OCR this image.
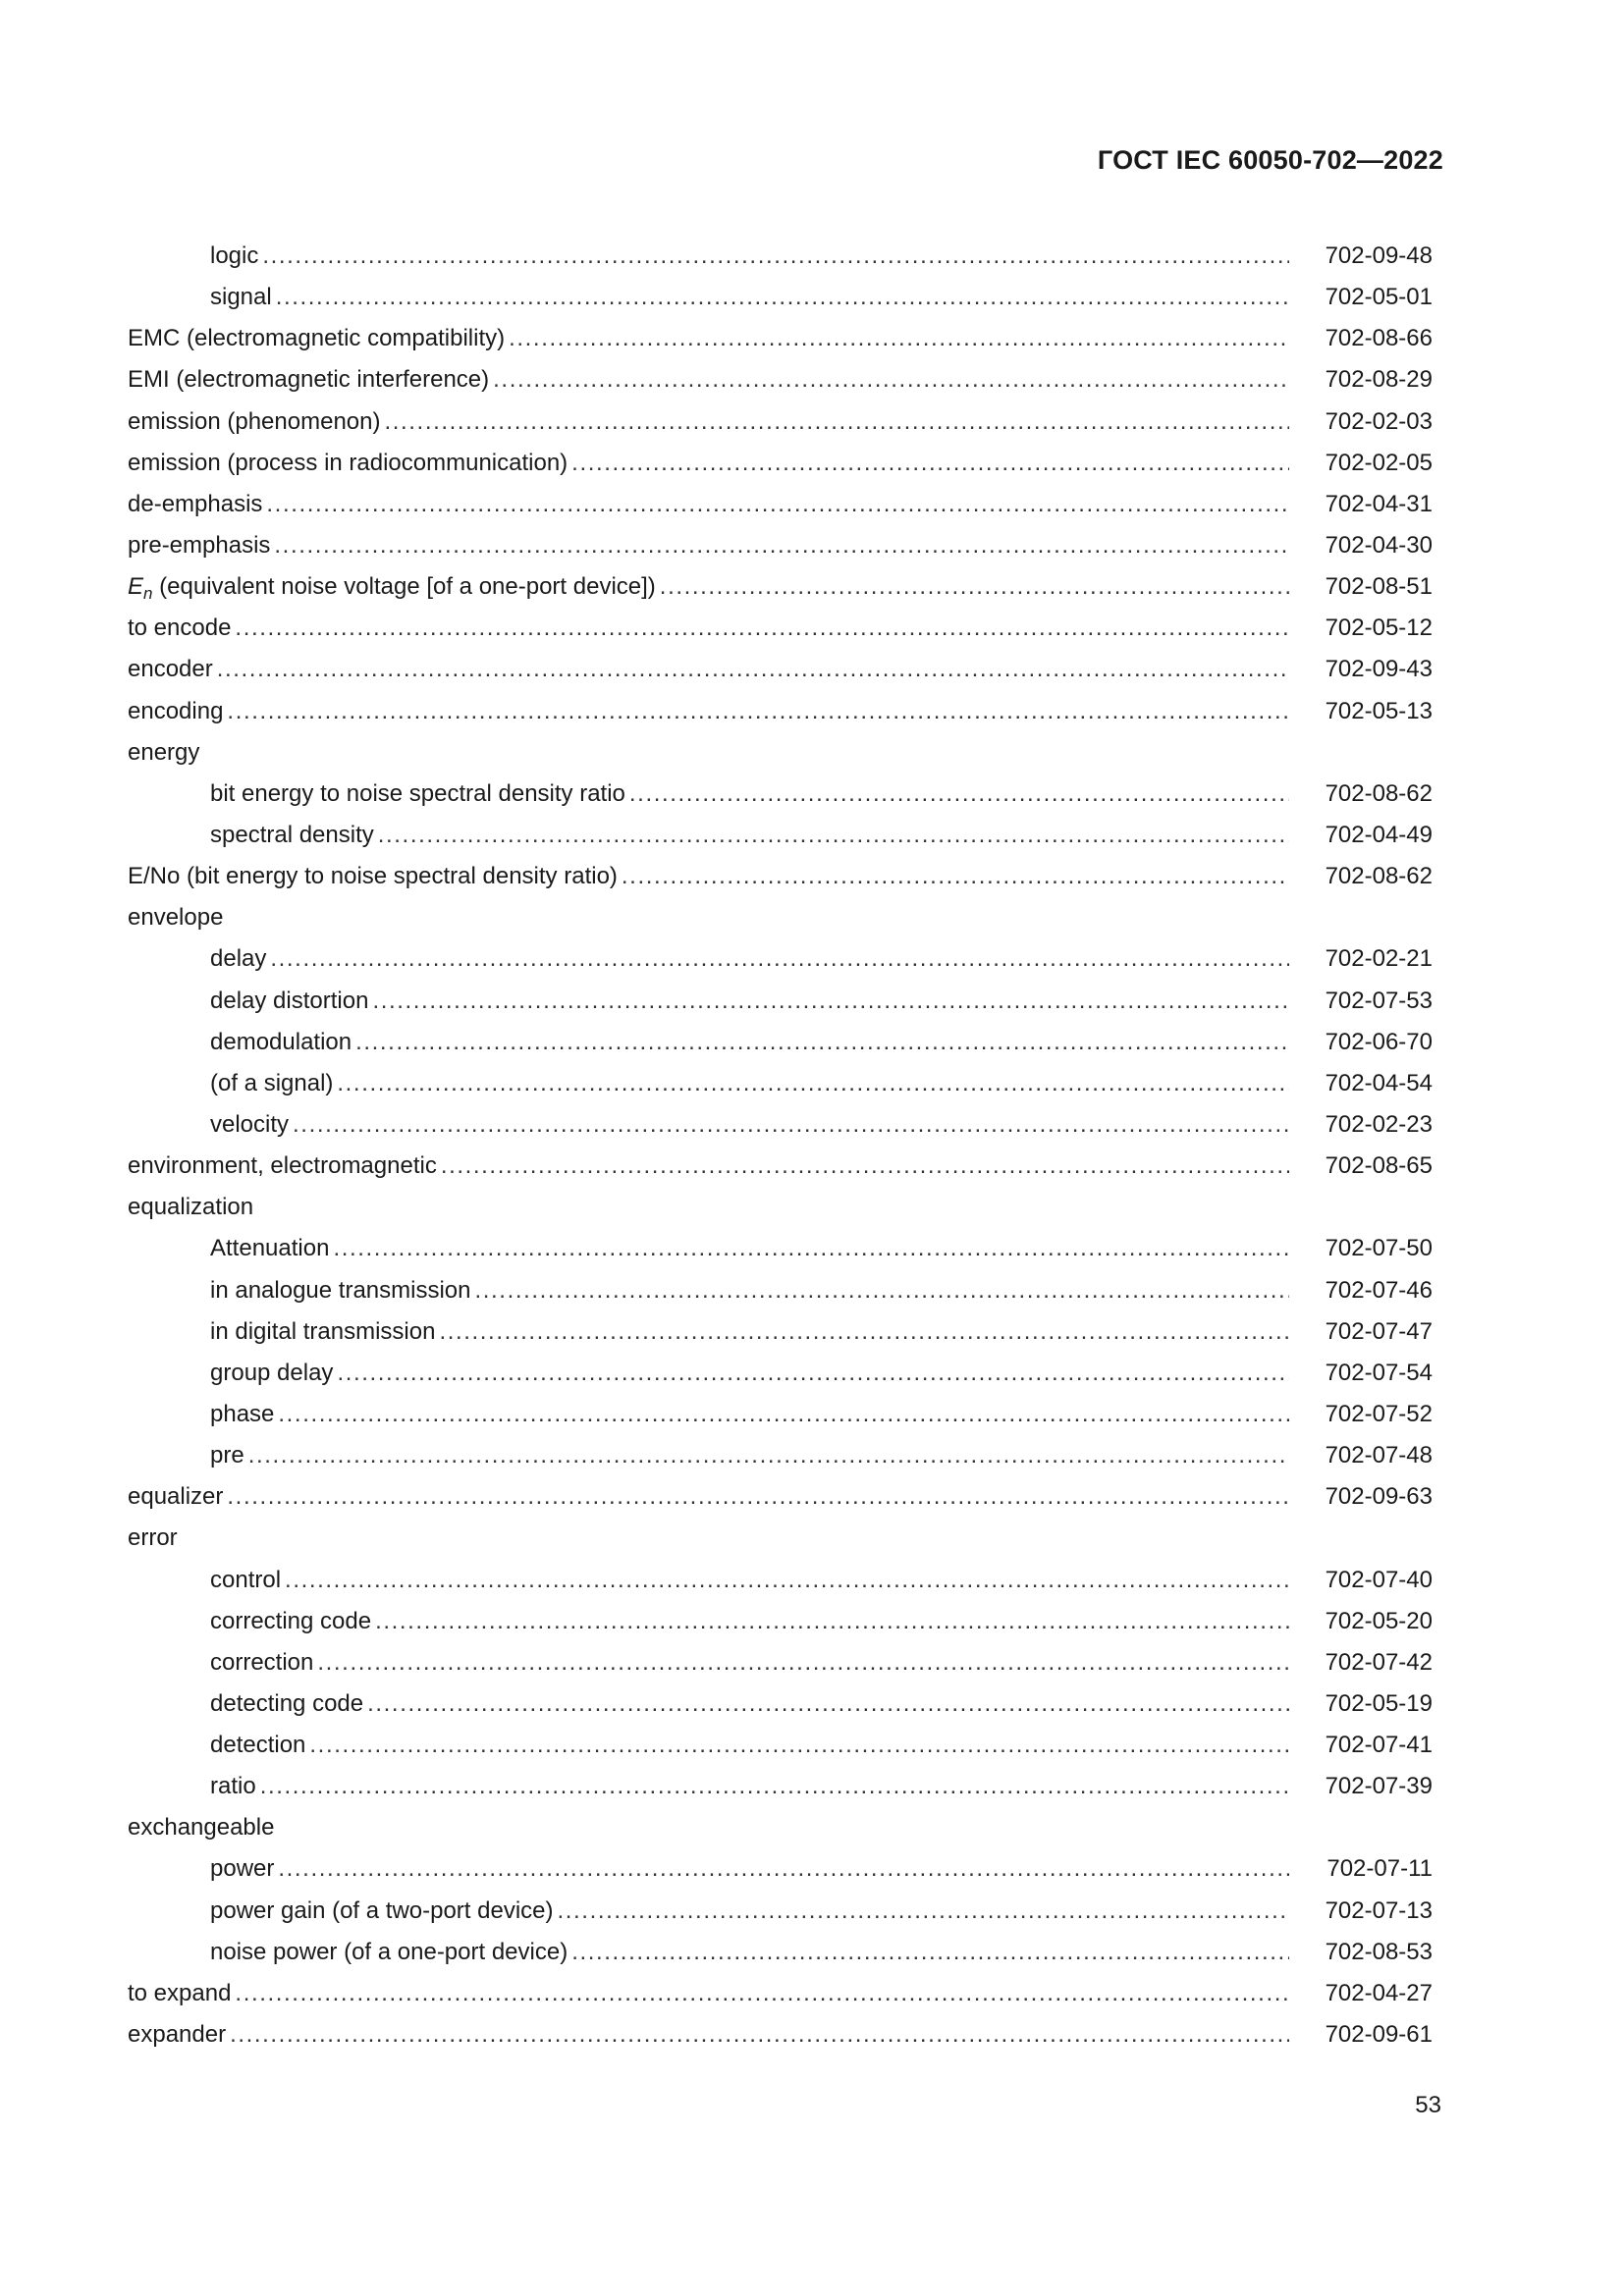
ГОСТ IEC 60050-702—2022
logic .....	702-09-48
signal .....	702-05-01
EMC (electromagnetic compatibility) .....	702-08-66
EMI (electromagnetic interference) .....	702-08-29
emission (phenomenon) .....	702-02-03
emission (process in radiocommunication) .....	702-02-05
de-emphasis .....	702-04-31
pre-emphasis .....	702-04-30
$E_n$ (equivalent noise voltage [of a one-port device]) .....	702-08-51
to encode .....	702-05-12
encoder .....	702-09-43
encoding .....	702-05-13
energy
bit energy to noise spectral density ratio .....	702-08-62
spectral density .....	702-04-49
E/No (bit energy to noise spectral density ratio) .....	702-08-62
envelope
delay .....	702-02-21
delay distortion .....	702-07-53
demodulation .....	702-06-70
(of a signal) .....	702-04-54
velocity .....	702-02-23
environment, electromagnetic .....	702-08-65
equalization
Attenuation .....	702-07-50
in analogue transmission .....	702-07-46
in digital transmission .....	702-07-47
group delay .....	702-07-54
phase .....	702-07-52
pre .....	702-07-48
equalizer .....	702-09-63
error
control .....	702-07-40
correcting code .....	702-05-20
correction .....	702-07-42
detecting code .....	702-05-19
detection .....	702-07-41
ratio .....	702-07-39
exchangeable
power .....	702-07-11
power gain (of a two-port device) .....	702-07-13
noise power (of a one-port device) .....	702-08-53
to expand .....	702-04-27
expander .....	702-09-61
53
